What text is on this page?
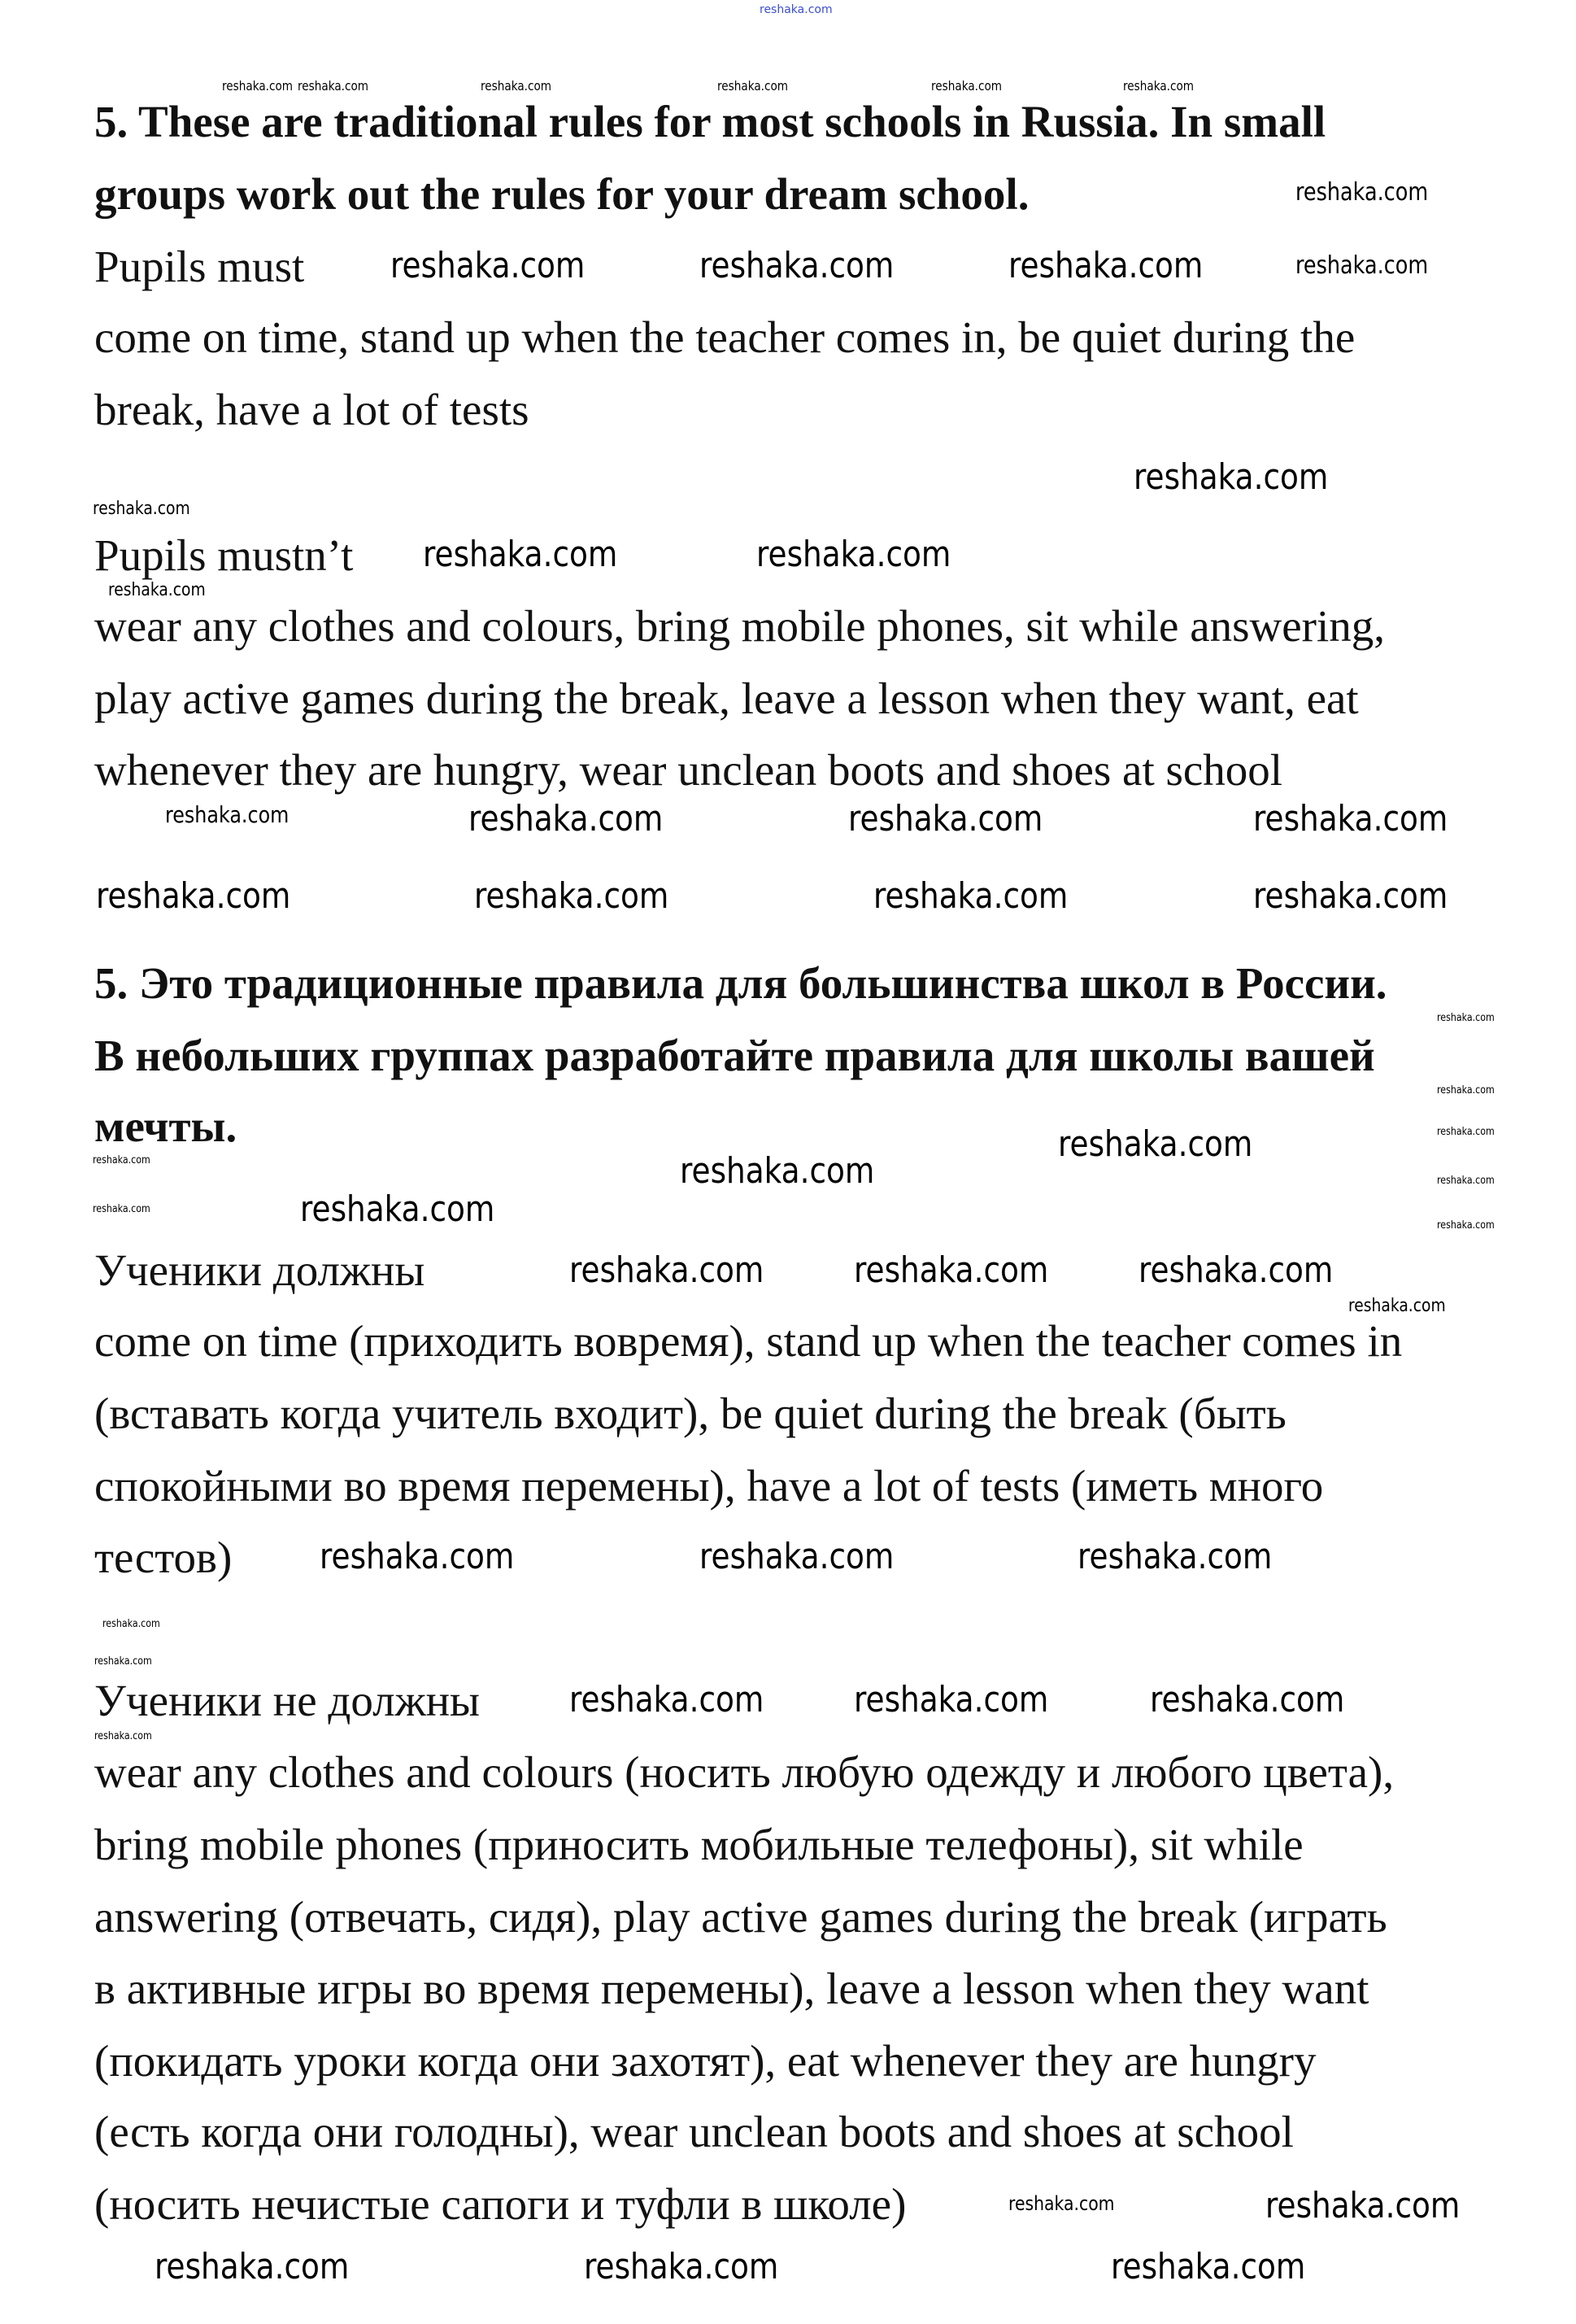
reshaka.com
5. These are traditional rules for most schools in Russia. In small
groups work out the rules for your dream school.
Pupils must
come on time, stand up when the teacher comes in, be quiet during the
break, have a lot of tests
Pupils mustn’t
wear any clothes and colours, bring mobile phones, sit while answering,
play active games during the break, leave a lesson when they want, eat
whenever they are hungry, wear unclean boots and shoes at school
5. Это традиционные правила для большинства школ в России.
В небольших группах разработайте правила для школы вашей
мечты.
Ученики должны
come on time (приходить вовремя), stand up when the teacher comes in
(вставать когда учитель входит), be quiet during the break (быть
спокойными во время перемены), have a lot of tests (иметь много
тестов)
Ученики не должны
wear any clothes and colours (носить любую одежду и любого цвета),
bring mobile phones (приносить мобильные телефоны), sit while
answering (отвечать, сидя), play active games during the break (играть
в активные игры во время перемены), leave a lesson when they want
(покидать уроки когда они захотят), eat whenever they are hungry
(есть когда они голодны), wear unclean boots and shoes at school
(носить нечистые сапоги и туфли в школе)
reshaka.com reshaka.com	reshaka.com	reshaka.com	reshaka.com	reshaka.com
reshaka.com
reshaka.com
reshaka.com	reshaka.com	reshaka.com
reshaka.com
reshaka.com
reshaka.com	reshaka.com
reshaka.com
reshaka.com	reshaka.com	reshaka.com	reshaka.com
reshaka.com	reshaka.com	reshaka.com	reshaka.com
reshaka.com
reshaka.com
reshaka.com
reshaka.com
reshaka.com
reshaka.com
reshaka.com
reshaka.com
reshaka.com
reshaka.com
reshaka.com
reshaka.com	reshaka.com	reshaka.com
reshaka.com	reshaka.com	reshaka.com
reshaka.com
reshaka.com
reshaka.com
reshaka.com	reshaka.com	reshaka.com
reshaka.com	reshaka.com	reshaka.com
reshaka.com	reshaka.com
